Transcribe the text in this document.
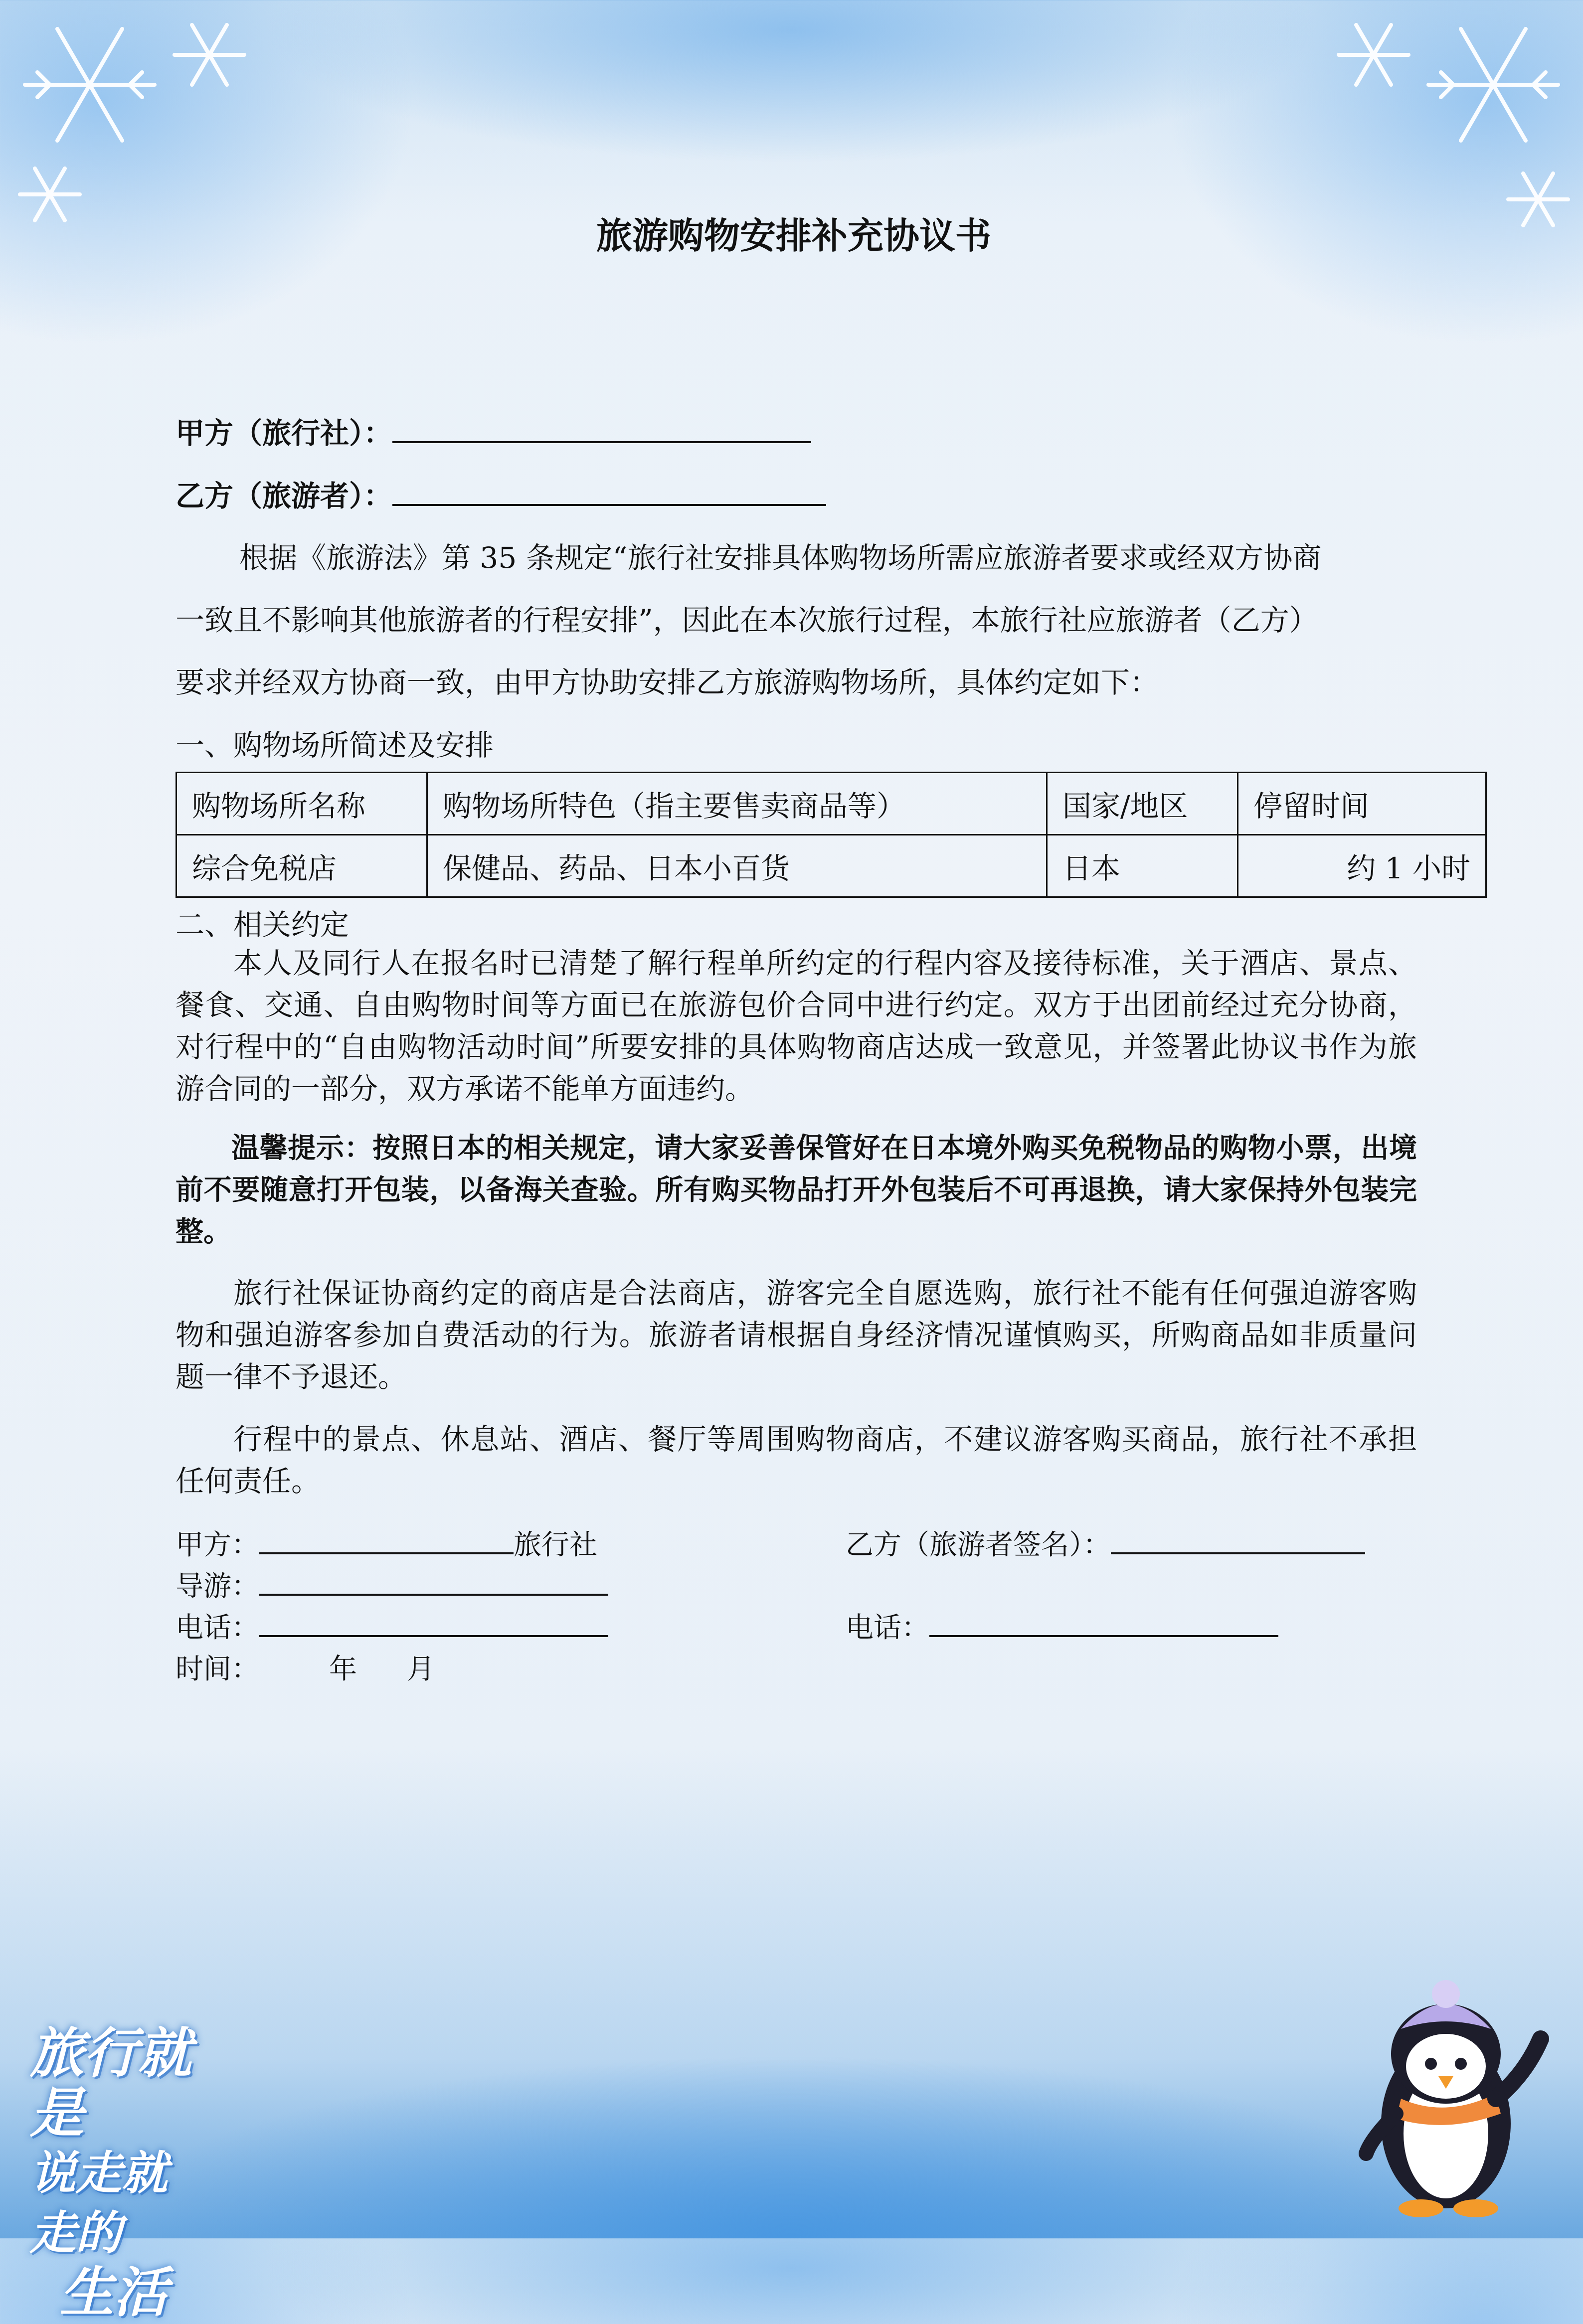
旅行就是
说走就走的
生活
旅游购物安排补充协议书
甲方（旅行社）：
乙方（旅游者）：
根据《旅游法》第 35 条规定“旅行社安排具体购物场所需应旅游者要求或经双方协商
一致且不影响其他旅游者的行程安排”，因此在本次旅行过程，本旅行社应旅游者（乙方）
要求并经双方协商一致，由甲方协助安排乙方旅游购物场所，具体约定如下：
一、购物场所简述及安排
购物场所名称	购物场所特色（指主要售卖商品等）	国家/地区	停留时间
综合免税店	保健品、药品、日本小百货	日本	约 1 小时
二、相关约定
本人及同行人在报名时已清楚了解行程单所约定的行程内容及接待标准，关于酒店、景点、餐食、交通、自由购物时间等方面已在旅游包价合同中进行约定。双方于出团前经过充分协商，对行程中的“自由购物活动时间”所要安排的具体购物商店达成一致意见，并签署此协议书作为旅游合同的一部分，双方承诺不能单方面违约。
温馨提示：按照日本的相关规定，请大家妥善保管好在日本境外购买免税物品的购物小票，出境前不要随意打开包装，以备海关查验。所有购买物品打开外包装后不可再退换，请大家保持外包装完整。
旅行社保证协商约定的商店是合法商店，游客完全自愿选购，旅行社不能有任何强迫游客购物和强迫游客参加自费活动的行为。旅游者请根据自身经济情况谨慎购买，所购商品如非质量问题一律不予退还。
行程中的景点、休息站、酒店、餐厅等周围购物商店，不建议游客购买商品，旅行社不承担任何责任。
甲方：	旅行社
导游：
电话：
时间：	年 月
乙方（旅游者签名）：
电话：
